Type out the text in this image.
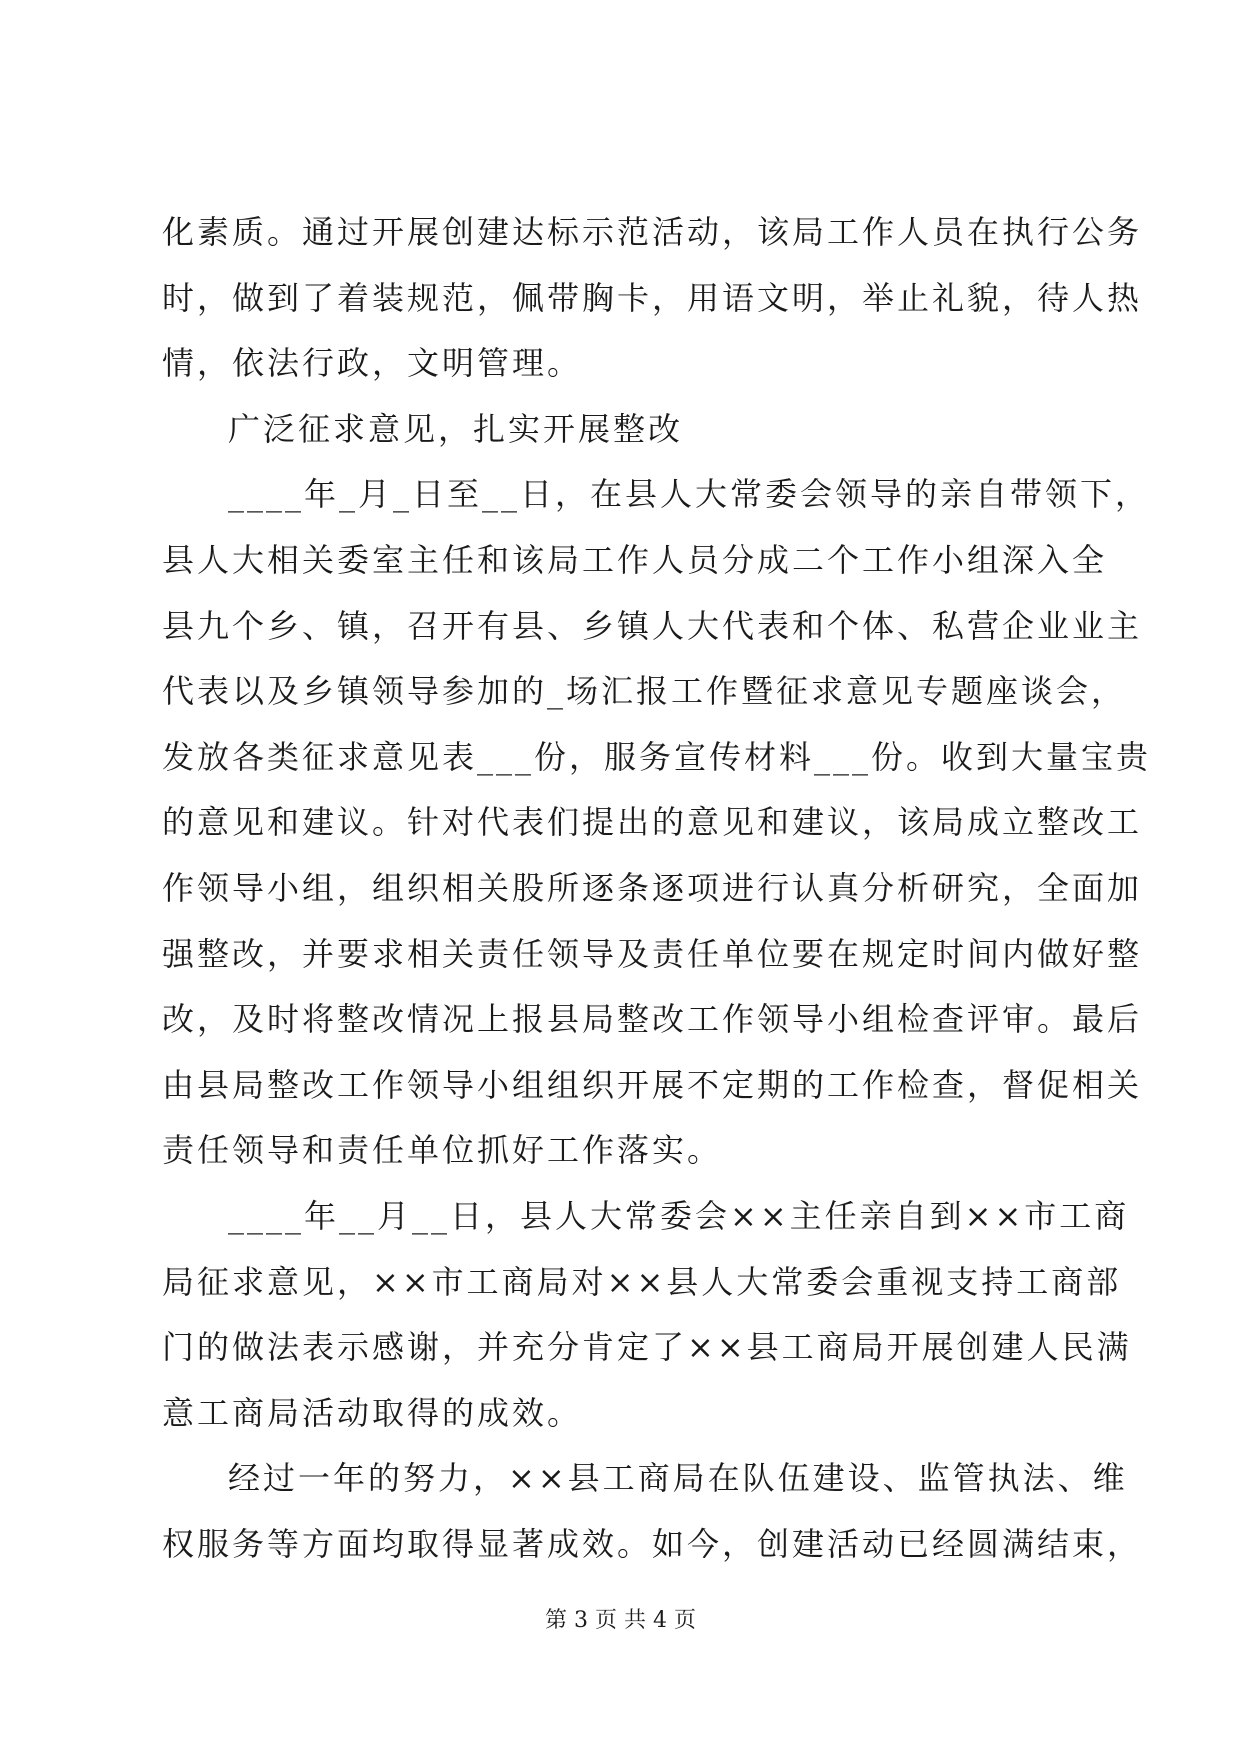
化素质。通过开展创建达标示范活动，该局工作人员在执行公务
时，做到了着装规范，佩带胸卡，用语文明，举止礼貌，待人热
情，依法行政，文明管理。
广泛征求意见，扎实开展整改
____年_月_日至__日，在县人大常委会领导的亲自带领下，
县人大相关委室主任和该局工作人员分成二个工作小组深入全
县九个乡、镇，召开有县、乡镇人大代表和个体、私营企业业主
代表以及乡镇领导参加的_场汇报工作暨征求意见专题座谈会，
发放各类征求意见表___份，服务宣传材料___份。收到大量宝贵
的意见和建议。针对代表们提出的意见和建议，该局成立整改工
作领导小组，组织相关股所逐条逐项进行认真分析研究，全面加
强整改，并要求相关责任领导及责任单位要在规定时间内做好整
改，及时将整改情况上报县局整改工作领导小组检查评审。最后
由县局整改工作领导小组组织开展不定期的工作检查，督促相关
责任领导和责任单位抓好工作落实。
____年__月__日，县人大常委会××主任亲自到××市工商
局征求意见，××市工商局对××县人大常委会重视支持工商部
门的做法表示感谢，并充分肯定了××县工商局开展创建人民满
意工商局活动取得的成效。
经过一年的努力，××县工商局在队伍建设、监管执法、维
权服务等方面均取得显著成效。如今，创建活动已经圆满结束，
第 3 页 共 4 页
